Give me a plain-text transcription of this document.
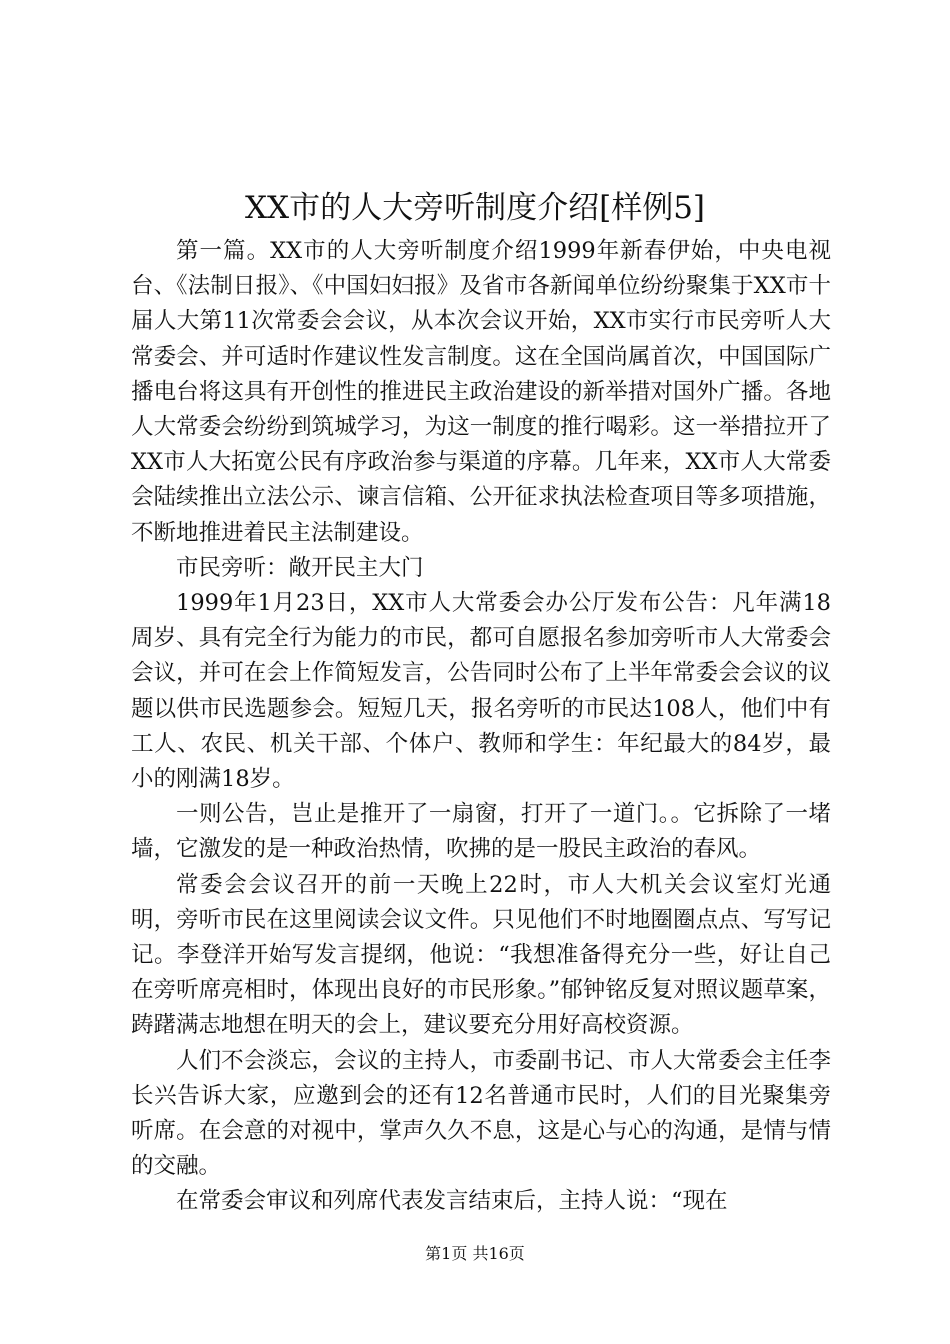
XX市的人大旁听制度介绍[样例5]

第一篇。XX市的人大旁听制度介绍1999年新春伊始，中央电视台、《法制日报》、《中国妇妇报》及省市各新闻单位纷纷聚集于XX市十届人大第11次常委会会议，从本次会议开始，XX市实行市民旁听人大常委会、并可适时作建议性发言制度。这在全国尚属首次，中国国际广播电台将这具有开创性的推进民主政治建设的新举措对国外广播。各地人大常委会纷纷到筑城学习，为这一制度的推行喝彩。这一举措拉开了XX市人大拓宽公民有序政治参与渠道的序幕。几年来，XX市人大常委会陆续推出立法公示、谏言信箱、公开征求执法检查项目等多项措施，不断地推进着民主法制建设。

市民旁听：敞开民主大门

1999年1月23日，XX市人大常委会办公厅发布公告：凡年满18周岁、具有完全行为能力的市民，都可自愿报名参加旁听市人大常委会会议，并可在会上作简短发言，公告同时公布了上半年常委会会议的议题以供市民选题参会。短短几天，报名旁听的市民达108人，他们中有工人、农民、机关干部、个体户、教师和学生：年纪最大的84岁，最小的刚满18岁。

一则公告，岂止是推开了一扇窗，打开了一道门。。它拆除了一堵墙，它激发的是一种政治热情，吹拂的是一股民主政治的春风。

常委会会议召开的前一天晚上22时，市人大机关会议室灯光通明，旁听市民在这里阅读会议文件。只见他们不时地圈圈点点、写写记记。李登洋开始写发言提纲，他说：“我想准备得充分一些，好让自己在旁听席亮相时，体现出良好的市民形象。”郁钟铭反复对照议题草案，踌躇满志地想在明天的会上，建议要充分用好高校资源。

人们不会淡忘，会议的主持人，市委副书记、市人大常委会主任李长兴告诉大家，应邀到会的还有12名普通市民时，人们的目光聚集旁听席。在会意的对视中，掌声久久不息，这是心与心的沟通，是情与情的交融。

在常委会审议和列席代表发言结束后，主持人说：“现在

第1页 共16页
